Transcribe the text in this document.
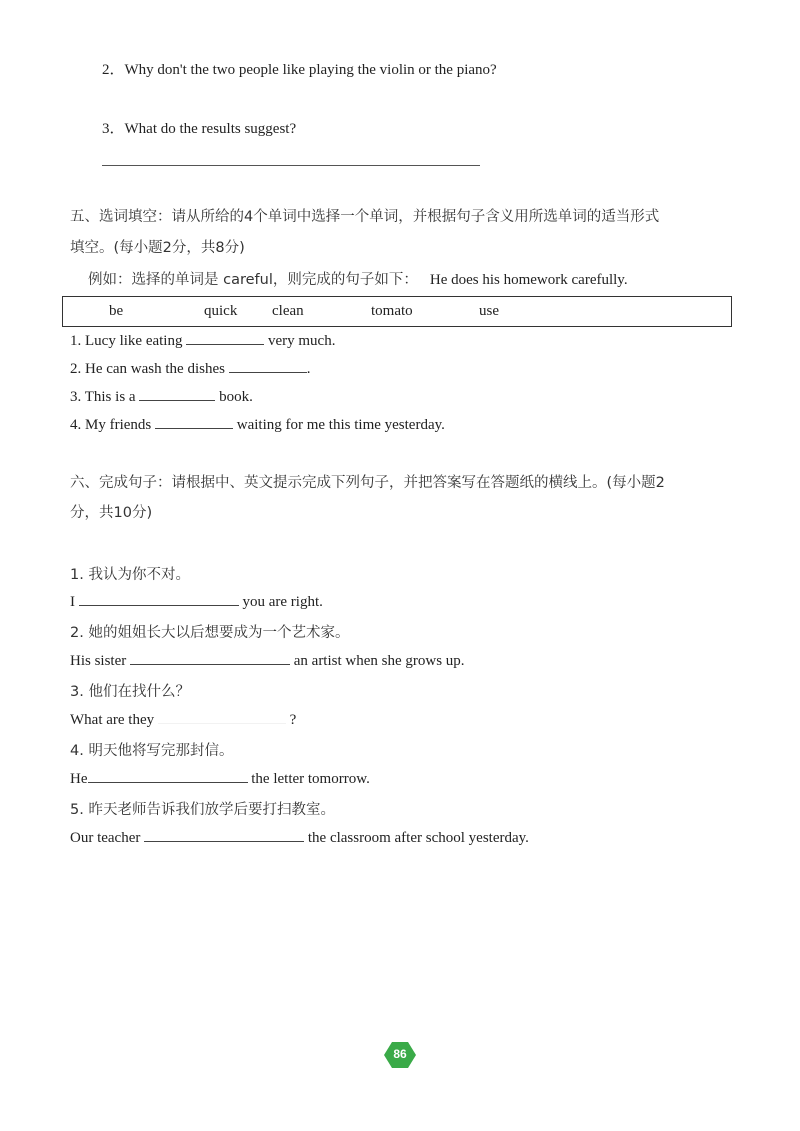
2．Why don't the two people like playing the violin or the piano?
3．What do the results suggest?
五、选词填空：请从所给的4个单词中选择一个单词，并根据句子含义用所选单词的适当形式
填空。(每小题2分，共8分)
例如：选择的单词是 careful，则完成的句子如下： He does his homework carefully.
be	quick clean	tomato	use
1. Lucy like eating	very much.
2. He can wash the dishes	.
3. This is a	book.
4. My friends	waiting for me this time yesterday.
六、完成句子：请根据中、英文提示完成下列句子，并把答案写在答题纸的横线上。(每小题2
分，共10分)
1. 我认为你不对。
I	you are right.
2. 她的姐姐长大以后想要成为一个艺术家。
His sister	an artist when she grows up.
3. 他们在找什么？
What are they	?
4. 明天他将写完那封信。
He	the letter tomorrow.
5. 昨天老师告诉我们放学后要打扫教室。
Our teacher	the classroom after school yesterday.
86
